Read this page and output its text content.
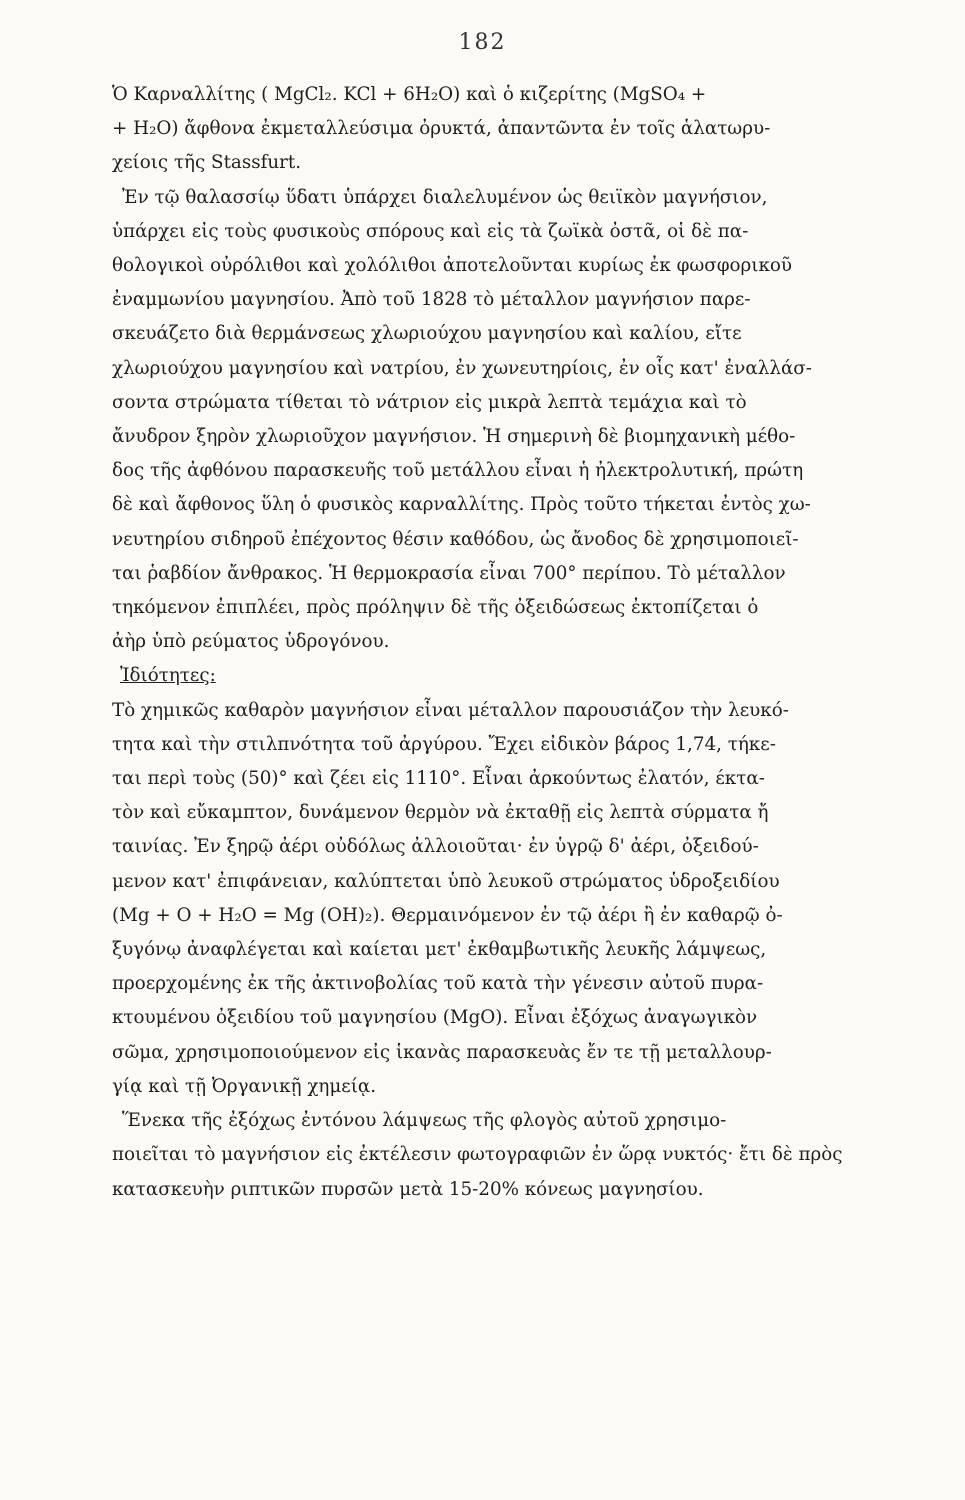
182
Ὁ Καρναλλίτης ( MgCl₂. KCl + 6H₂O) καὶ ὁ κιζερίτης (MgSO₄ +
+ H₂O) ἄφθονα ἐκμεταλλεύσιμα ὀρυκτά, ἀπαντῶντα ἐν τοῖς ἁλατωρυ-
χείοις τῆς Stassfurt.
Ἐν τῷ θαλασσίῳ ὕδατι ὑπάρχει διαλελυμένον ὡς θειϊκὸν μαγνήσιον,
ὑπάρχει εἰς τοὺς φυσικοὺς σπόρους καὶ εἰς τὰ ζωϊκὰ ὀστᾶ, οἱ δὲ πα-
θολογικοὶ οὐρόλιθοι καὶ χολόλιθοι ἀποτελοῦνται κυρίως ἐκ φωσφορικοῦ
ἐναμμωνίου μαγνησίου. Ἀπὸ τοῦ 1828 τὸ μέταλλον μαγνήσιον παρε-
σκευάζετο διὰ θερμάνσεως χλωριούχου μαγνησίου καὶ καλίου, εἴτε
χλωριούχου μαγνησίου καὶ νατρίου, ἐν χωνευτηρίοις, ἐν οἷς κατ' ἐναλλάσ-
σοντα στρώματα τίθεται τὸ νάτριον εἰς μικρὰ λεπτὰ τεμάχια καὶ τὸ
ἄνυδρον ξηρὸν χλωριοῦχον μαγνήσιον. Ἡ σημερινὴ δὲ βιομηχανικὴ μέθο-
δος τῆς ἀφθόνου παρασκευῆς τοῦ μετάλλου εἶναι ἡ ἠλεκτρολυτική, πρώτη
δὲ καὶ ἄφθονος ὕλη ὁ φυσικὸς καρναλλίτης. Πρὸς τοῦτο τήκεται ἐντὸς χω-
νευτηρίου σιδηροῦ ἐπέχοντος θέσιν καθόδου, ὡς ἄνοδος δὲ χρησιμοποιεῖ-
ται ῥαβδίον ἄνθρακος. Ἡ θερμοκρασία εἶναι 700° περίπου. Τὸ μέταλλον
τηκόμενον ἐπιπλέει, πρὸς πρόληψιν δὲ τῆς ὀξειδώσεως ἐκτοπίζεται ὁ
ἀὴρ ὑπὸ ρεύματος ὑδρογόνου.
Ἰδιότητες:
Τὸ χημικῶς καθαρὸν μαγνήσιον εἶναι μέταλλον παρουσιάζον τὴν λευκό-
τητα καὶ τὴν στιλπνότητα τοῦ ἀργύρου. Ἔχει εἰδικὸν βάρος 1,74, τήκε-
ται περὶ τοὺς (50)° καὶ ζέει εἰς 1110°. Εἶναι ἀρκούντως ἐλατόν, έκτα-
τὸν καὶ εὔκαμπτον, δυνάμενον θερμὸν νὰ ἐκταθῇ εἰς λεπτὰ σύρματα ἤ
ταινίας. Ἐν ξηρῷ ἀέρι οὐδόλως ἀλλοιοῦται· ἐν ὑγρῷ δ' ἀέρι, ὀξειδού-
μενον κατ' ἐπιφάνειαν, καλύπτεται ὑπὸ λευκοῦ στρώματος ὑδροξειδίου
(Mg + O + H₂O = Mg (OH)₂). Θερμαινόμενον ἐν τῷ ἀέρι ἢ ἐν καθαρῷ ὀ-
ξυγόνῳ ἀναφλέγεται καὶ καίεται μετ' ἐκθαμβωτικῆς λευκῆς λάμψεως,
προερχομένης ἐκ τῆς ἀκτινοβολίας τοῦ κατὰ τὴν γένεσιν αὐτοῦ πυρα-
κτουμένου ὀξειδίου τοῦ μαγνησίου (MgO). Εἶναι ἐξόχως ἀναγωγικὸν
σῶμα, χρησιμοποιούμενον εἰς ἱκανὰς παρασκευὰς ἔν τε τῇ μεταλλουρ-
γίᾳ καὶ τῇ Ὀργανικῇ χημείᾳ.
Ἕνεκα τῆς ἐξόχως ἐντόνου λάμψεως τῆς φλογὸς αὐτοῦ χρησιμο-
ποιεῖται τὸ μαγνήσιον εἰς ἐκτέλεσιν φωτογραφιῶν ἐν ὥρᾳ νυκτός· ἔτι δὲ πρὸς
κατασκευὴν ριπτικῶν πυρσῶν μετὰ 15-20% κόνεως μαγνησίου.
